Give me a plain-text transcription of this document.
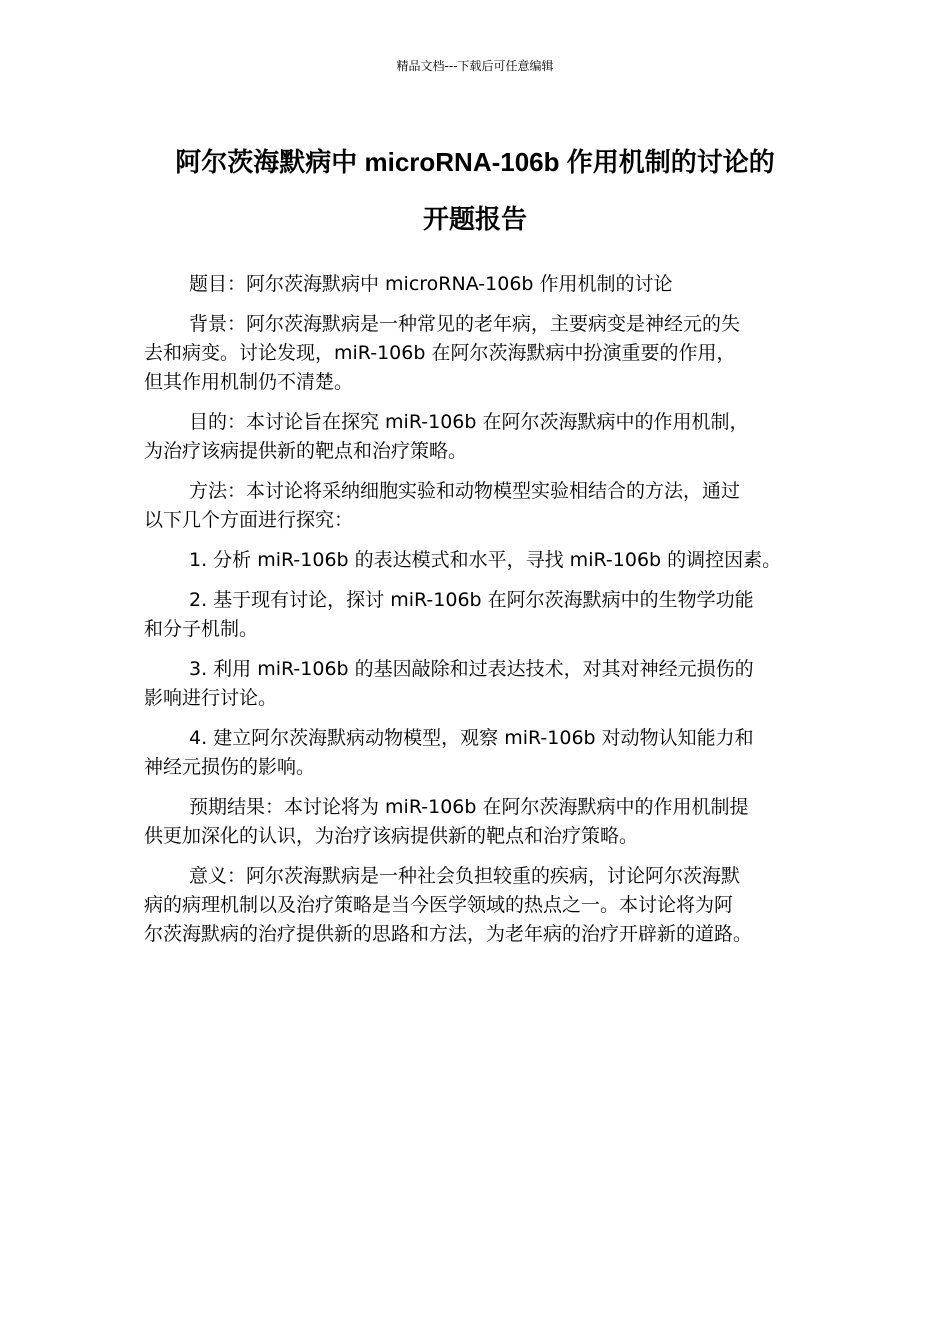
精品文档---下载后可任意编辑
阿尔茨海默病中 microRNA-106b 作用机制的讨论的
开题报告

题目：阿尔茨海默病中 microRNA-106b 作用机制的讨论

背景：阿尔茨海默病是一种常见的老年病，主要病变是神经元的失
去和病变。讨论发现，miR-106b 在阿尔茨海默病中扮演重要的作用，
但其作用机制仍不清楚。

目的：本讨论旨在探究 miR-106b 在阿尔茨海默病中的作用机制，
为治疗该病提供新的靶点和治疗策略。

方法：本讨论将采纳细胞实验和动物模型实验相结合的方法，通过
以下几个方面进行探究：

1. 分析 miR-106b 的表达模式和水平，寻找 miR-106b 的调控因素。

2. 基于现有讨论，探讨 miR-106b 在阿尔茨海默病中的生物学功能
和分子机制。

3. 利用 miR-106b 的基因敲除和过表达技术，对其对神经元损伤的
影响进行讨论。

4. 建立阿尔茨海默病动物模型，观察 miR-106b 对动物认知能力和
神经元损伤的影响。

预期结果：本讨论将为 miR-106b 在阿尔茨海默病中的作用机制提
供更加深化的认识，为治疗该病提供新的靶点和治疗策略。

意义：阿尔茨海默病是一种社会负担较重的疾病，讨论阿尔茨海默
病的病理机制以及治疗策略是当今医学领域的热点之一。本讨论将为阿
尔茨海默病的治疗提供新的思路和方法，为老年病的治疗开辟新的道路。
